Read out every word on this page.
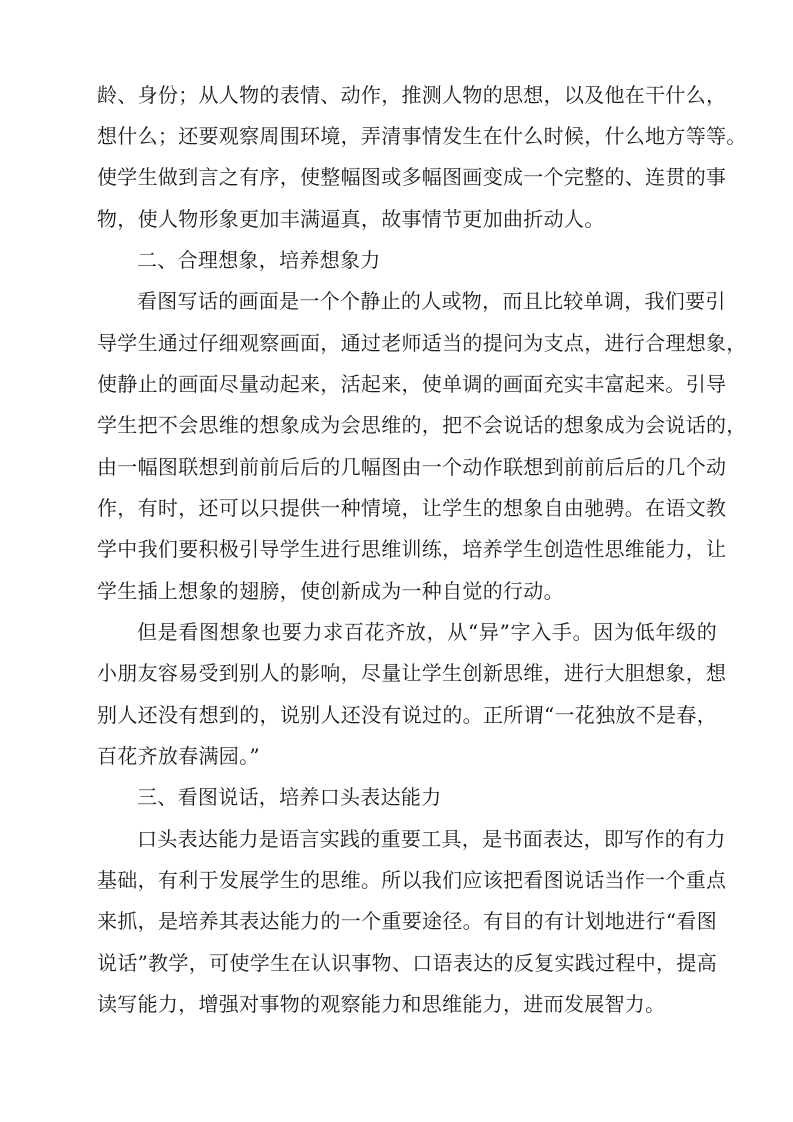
龄、身份；从人物的表情、动作，推测人物的思想，以及他在干什么，
想什么；还要观察周围环境，弄清事情发生在什么时候，什么地方等等。
使学生做到言之有序，使整幅图或多幅图画变成一个完整的、连贯的事
物，使人物形象更加丰满逼真，故事情节更加曲折动人。
二、合理想象，培养想象力
看图写话的画面是一个个静止的人或物，而且比较单调，我们要引
导学生通过仔细观察画面，通过老师适当的提问为支点，进行合理想象，
使静止的画面尽量动起来，活起来，使单调的画面充实丰富起来。引导
学生把不会思维的想象成为会思维的，把不会说话的想象成为会说话的，
由一幅图联想到前前后后的几幅图由一个动作联想到前前后后的几个动
作，有时，还可以只提供一种情境，让学生的想象自由驰骋。在语文教
学中我们要积极引导学生进行思维训练，培养学生创造性思维能力，让
学生插上想象的翅膀，使创新成为一种自觉的行动。
但是看图想象也要力求百花齐放，从“异”字入手。因为低年级的
小朋友容易受到别人的影响，尽量让学生创新思维，进行大胆想象，想
别人还没有想到的，说别人还没有说过的。正所谓“一花独放不是春，
百花齐放春满园。”
三、看图说话，培养口头表达能力
口头表达能力是语言实践的重要工具，是书面表达，即写作的有力
基础，有利于发展学生的思维。所以我们应该把看图说话当作一个重点
来抓，是培养其表达能力的一个重要途径。有目的有计划地进行“看图
说话”教学，可使学生在认识事物、口语表达的反复实践过程中，提高
读写能力，增强对事物的观察能力和思维能力，进而发展智力。
